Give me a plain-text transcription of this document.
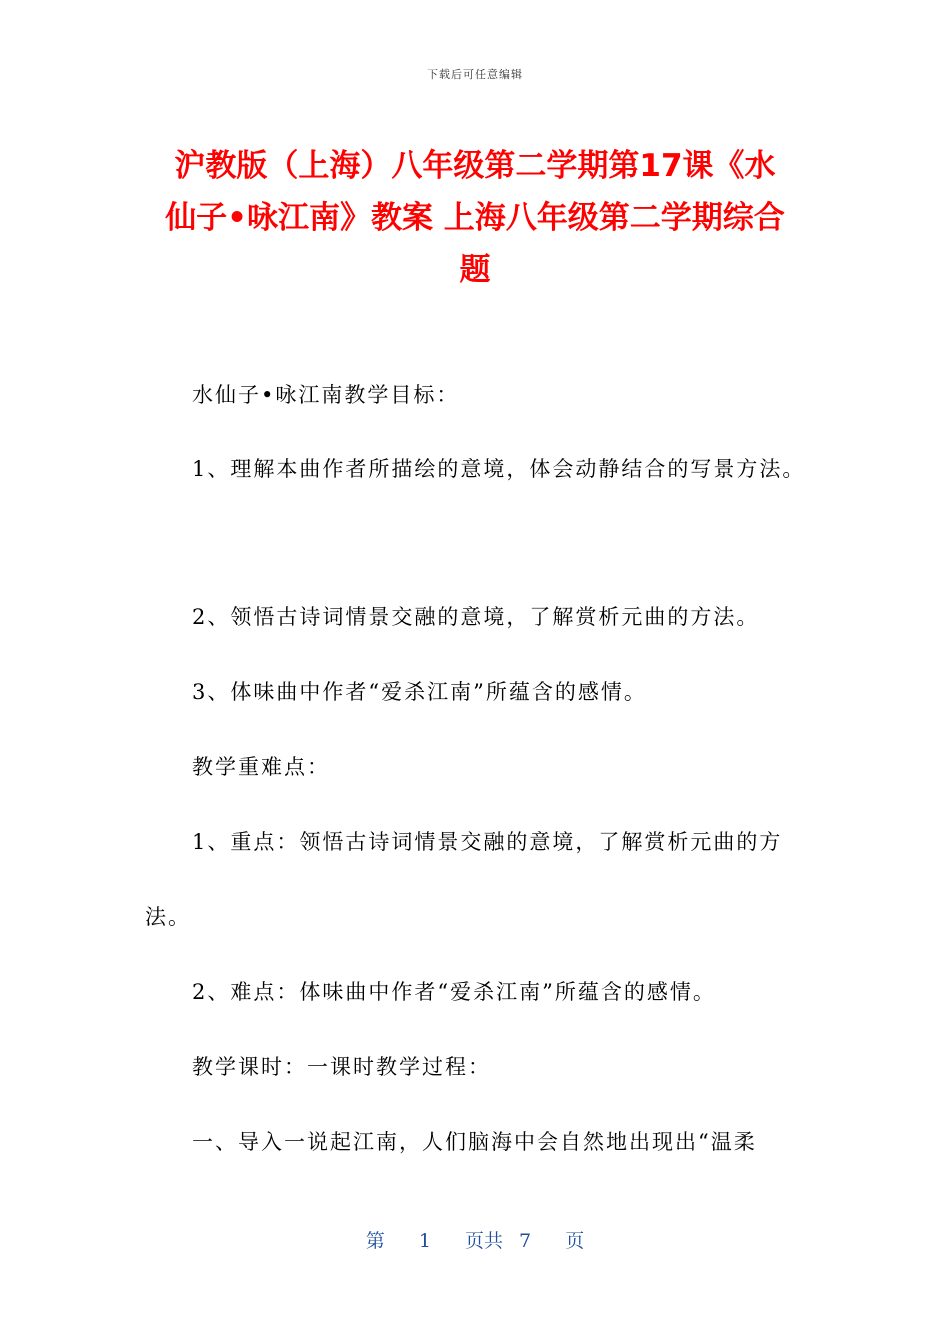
下载后可任意编辑
沪教版（上海）八年级第二学期第17课《水
仙子•咏江南》教案 上海八年级第二学期综合
题

水仙子•咏江南教学目标：

1、理解本曲作者所描绘的意境，体会动静结合的写景方法。

2、领悟古诗词情景交融的意境，了解赏析元曲的方法。

3、体味曲中作者“爱杀江南”所蕴含的感情。

教学重难点：

1、重点：领悟古诗词情景交融的意境，了解赏析元曲的方

法。

2、难点：体味曲中作者“爱杀江南”所蕴含的感情。

教学课时：一课时教学过程：

一、导入一说起江南，人们脑海中会自然地出现出“温柔

第 1 页共 7 页
